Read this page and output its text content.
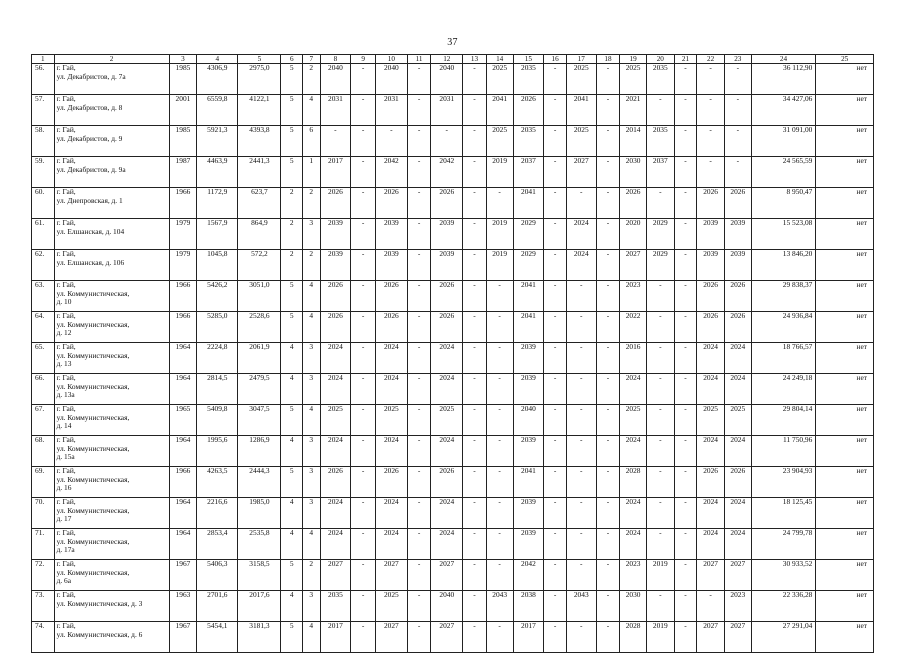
37
1	2	3	4	5	6	7	8	9	10	11	12	13	14	15	16	17	18	19	20	21	22	23	24	25
56.	г. Гай,
ул. Декабристов, д. 7а	1985	4306,9	2975,0	5	2	2040	-	2040	-	2040	-	2025	2035	-	2025	-	2025	2035	-	-	-	36 112,90	нет
57.	г. Гай,
ул. Декабристов, д. 8	2001	6559,8	4122,1	5	4	2031	-	2031	-	2031	-	2041	2026	-	2041	-	2021	-	-	-	-	34 427,06	нет
58.	г. Гай,
ул. Декабристов, д. 9	1985	5921,3	4393,8	5	6	-	-	-	-	-	-	2025	2035	-	2025	-	2014	2035	-	-	-	31 091,00	нет
59.	г. Гай,
ул. Декабристов, д. 9а	1987	4463,9	2441,3	5	1	2017	-	2042	-	2042	-	2019	2037	-	2027	-	2030	2037	-	-	-	24 565,59	нет
60.	г. Гай,
ул. Днепровская, д. 1	1966	1172,9	623,7	2	2	2026	-	2026	-	2026	-	-	2041	-	-	-	2026	-	-	2026	2026	8 950,47	нет
61.	г. Гай,
ул. Елшанская, д. 104	1979	1567,9	864,9	2	3	2039	-	2039	-	2039	-	2019	2029	-	2024	-	2020	2029	-	2039	2039	15 523,08	нет
62.	г. Гай,
ул. Елшанская, д. 106	1979	1045,8	572,2	2	2	2039	-	2039	-	2039	-	2019	2029	-	2024	-	2027	2029	-	2039	2039	13 846,20	нет
63.	г. Гай,
ул. Коммунистическая,
д. 10	1966	5426,2	3051,0	5	4	2026	-	2026	-	2026	-	-	2041	-	-	-	2023	-	-	2026	2026	29 838,37	нет
64.	г. Гай,
ул. Коммунистическая,
д. 12	1966	5285,0	2528,6	5	4	2026	-	2026	-	2026	-	-	2041	-	-	-	2022	-	-	2026	2026	24 936,84	нет
65.	г. Гай,
ул. Коммунистическая,
д. 13	1964	2224,8	2061,9	4	3	2024	-	2024	-	2024	-	-	2039	-	-	-	2016	-	-	2024	2024	18 766,57	нет
66.	г. Гай,
ул. Коммунистическая,
д. 13а	1964	2814,5	2479,5	4	3	2024	-	2024	-	2024	-	-	2039	-	-	-	2024	-	-	2024	2024	24 249,18	нет
67.	г. Гай,
ул. Коммунистическая,
д. 14	1965	5409,8	3047,5	5	4	2025	-	2025	-	2025	-	-	2040	-	-	-	2025	-	-	2025	2025	29 804,14	нет
68.	г. Гай,
ул. Коммунистическая,
д. 15а	1964	1995,6	1286,9	4	3	2024	-	2024	-	2024	-	-	2039	-	-	-	2024	-	-	2024	2024	11 750,96	нет
69.	г. Гай,
ул. Коммунистическая,
д. 16	1966	4263,5	2444,3	5	3	2026	-	2026	-	2026	-	-	2041	-	-	-	2028	-	-	2026	2026	23 904,93	нет
70.	г. Гай,
ул. Коммунистическая,
д. 17	1964	2216,6	1985,0	4	3	2024	-	2024	-	2024	-	-	2039	-	-	-	2024	-	-	2024	2024	18 125,45	нет
71.	г. Гай,
ул. Коммунистическая,
д. 17а	1964	2853,4	2535,8	4	4	2024	-	2024	-	2024	-	-	2039	-	-	-	2024	-	-	2024	2024	24 799,78	нет
72.	г. Гай,
ул. Коммунистическая,
д. 6а	1967	5406,3	3158,5	5	2	2027	-	2027	-	2027	-	-	2042	-	-	-	2023	2019	-	2027	2027	30 933,52	нет
73.	г. Гай,
ул. Коммунистическая, д. 3	1963	2701,6	2017,6	4	3	2035	-	2025	-	2040	-	2043	2038	-	2043	-	2030	-	-	-	2023	22 336,28	нет
74.	г. Гай,
ул. Коммунистическая, д. 6	1967	5454,1	3181,3	5	4	2017	-	2027	-	2027	-	-	2017	-	-	-	2028	2019	-	2027	2027	27 291,04	нет
